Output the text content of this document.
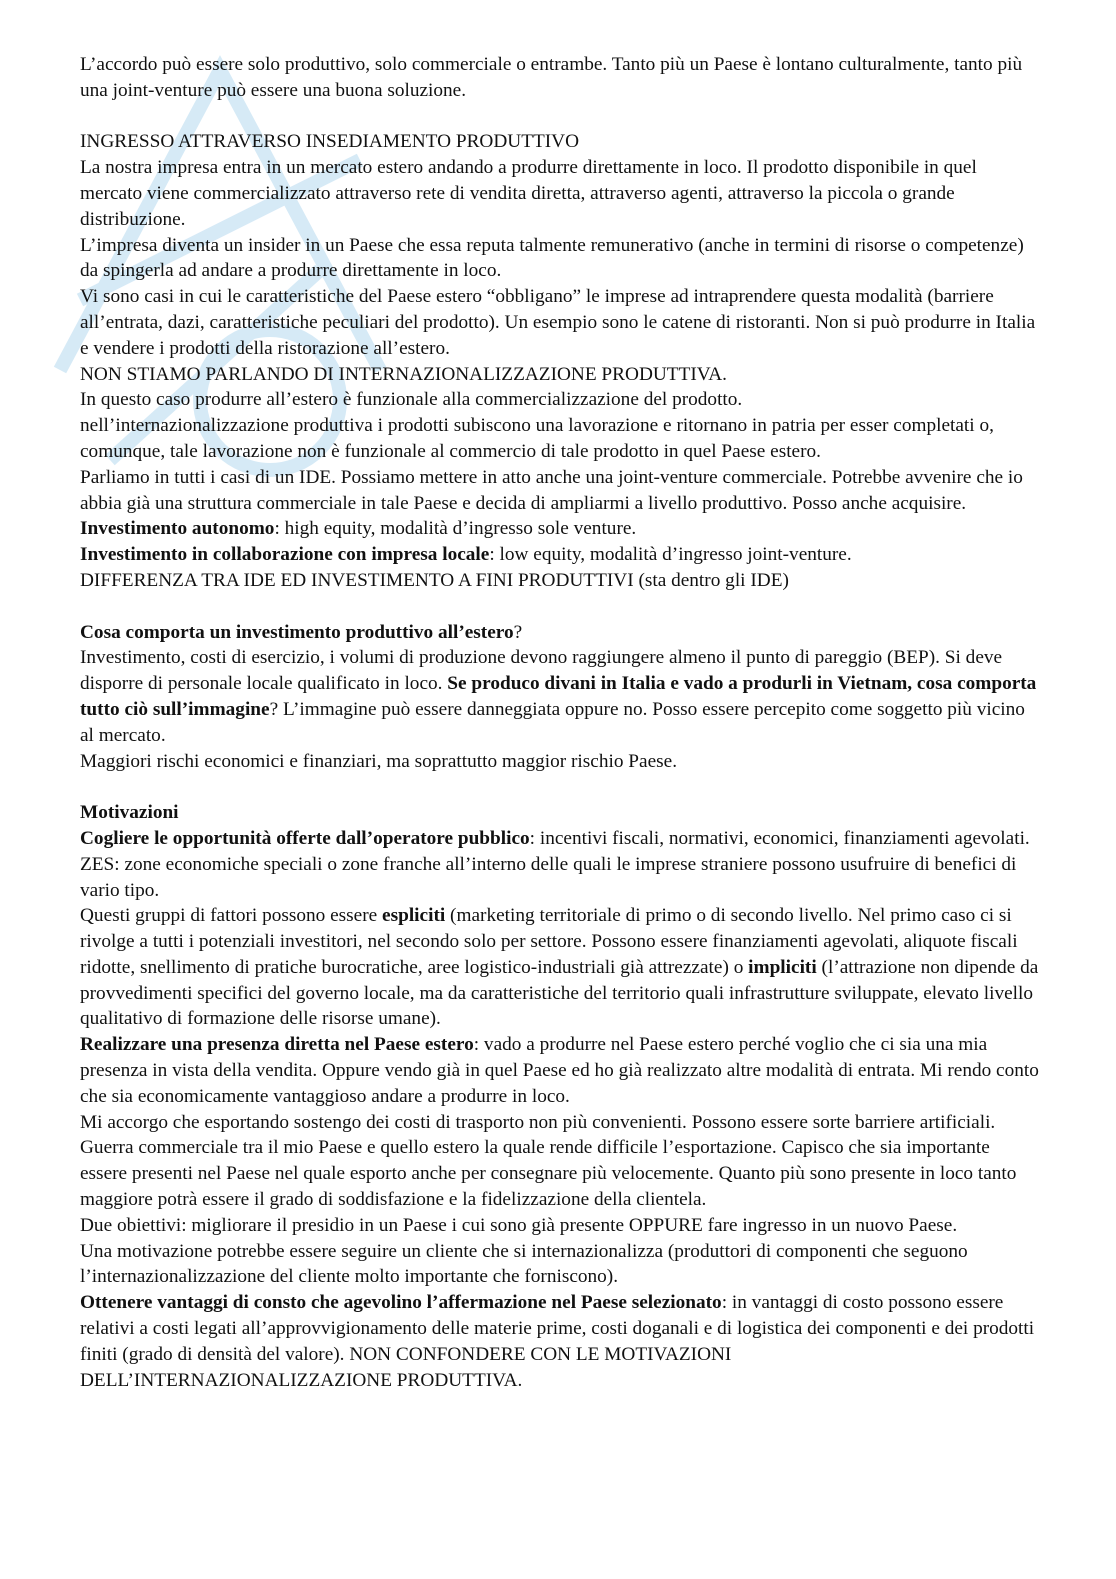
L’accordo può essere solo produttivo, solo commerciale o entrambe. Tanto più un Paese è lontano culturalmente, tanto più una joint-venture può essere una buona soluzione.

INGRESSO ATTRAVERSO INSEDIAMENTO PRODUTTIVO

La nostra impresa entra in un mercato estero andando a produrre direttamente in loco. Il prodotto disponibile in quel mercato viene commercializzato attraverso rete di vendita diretta, attraverso agenti, attraverso la piccola o grande distribuzione.

L’impresa diventa un insider in un Paese che essa reputa talmente remunerativo (anche in termini di risorse o competenze) da spingerla ad andare a produrre direttamente in loco.

Vi sono casi in cui le caratteristiche del Paese estero “obbligano” le imprese ad intraprendere questa modalità (barriere all’entrata, dazi, caratteristiche peculiari del prodotto). Un esempio sono le catene di ristoranti. Non si può produrre in Italia e vendere i prodotti della ristorazione all’estero.

NON STIAMO PARLANDO DI INTERNAZIONALIZZAZIONE PRODUTTIVA.

In questo caso produrre all’estero è funzionale alla commercializzazione del prodotto.

nell’internazionalizzazione produttiva i prodotti subiscono una lavorazione e ritornano in patria per esser completati o, comunque, tale lavorazione non è funzionale al commercio di tale prodotto in quel Paese estero.

Parliamo in tutti i casi di un IDE. Possiamo mettere in atto anche una joint-venture commerciale. Potrebbe avvenire che io abbia già una struttura commerciale in tale Paese e decida di ampliarmi a livello produttivo. Posso anche acquisire.

Investimento autonomo: high equity, modalità d’ingresso sole venture.

Investimento in collaborazione con impresa locale: low equity, modalità d’ingresso joint-venture.

DIFFERENZA TRA IDE ED INVESTIMENTO A FINI PRODUTTIVI (sta dentro gli IDE)

Cosa comporta un investimento produttivo all’estero?

Investimento, costi di esercizio, i volumi di produzione devono raggiungere almeno il punto di pareggio (BEP). Si deve disporre di personale locale qualificato in loco. Se produco divani in Italia e vado a produrli in Vietnam, cosa comporta tutto ciò sull’immagine? L’immagine può essere danneggiata oppure no. Posso essere percepito come soggetto più vicino al mercato.

Maggiori rischi economici e finanziari, ma soprattutto maggior rischio Paese.

Motivazioni

Cogliere le opportunità offerte dall’operatore pubblico: incentivi fiscali, normativi, economici, finanziamenti agevolati. ZES: zone economiche speciali o zone franche all’interno delle quali le imprese straniere possono usufruire di benefici di vario tipo.

Questi gruppi di fattori possono essere espliciti (marketing territoriale di primo o di secondo livello. Nel primo caso ci si rivolge a tutti i potenziali investitori, nel secondo solo per settore. Possono essere finanziamenti agevolati, aliquote fiscali ridotte, snellimento di pratiche burocratiche, aree logistico-industriali già attrezzate) o impliciti (l’attrazione non dipende da provvedimenti specifici del governo locale, ma da caratteristiche del territorio quali infrastrutture sviluppate, elevato livello qualitativo di formazione delle risorse umane).

Realizzare una presenza diretta nel Paese estero: vado a produrre nel Paese estero perché voglio che ci sia una mia presenza in vista della vendita. Oppure vendo già in quel Paese ed ho già realizzato altre modalità di entrata. Mi rendo conto che sia economicamente vantaggioso andare a produrre in loco.

Mi accorgo che esportando sostengo dei costi di trasporto non più convenienti. Possono essere sorte barriere artificiali. Guerra commerciale tra il mio Paese e quello estero la quale rende difficile l’esportazione. Capisco che sia importante essere presenti nel Paese nel quale esporto anche per consegnare più velocemente. Quanto più sono presente in loco tanto maggiore potrà essere il grado di soddisfazione e la fidelizzazione della clientela.

Due obiettivi: migliorare il presidio in un Paese i cui sono già presente OPPURE fare ingresso in un nuovo Paese.

Una motivazione potrebbe essere seguire un cliente che si internazionalizza (produttori di componenti che seguono l’internazionalizzazione del cliente molto importante che forniscono).

Ottenere vantaggi di consto che agevolino l’affermazione nel Paese selezionato: in vantaggi di costo possono essere relativi a costi legati all’approvvigionamento delle materie prime, costi doganali e di logistica dei componenti e dei prodotti finiti (grado di densità del valore). NON CONFONDERE CON LE MOTIVAZIONI DELL’INTERNAZIONALIZZAZIONE PRODUTTIVA.
